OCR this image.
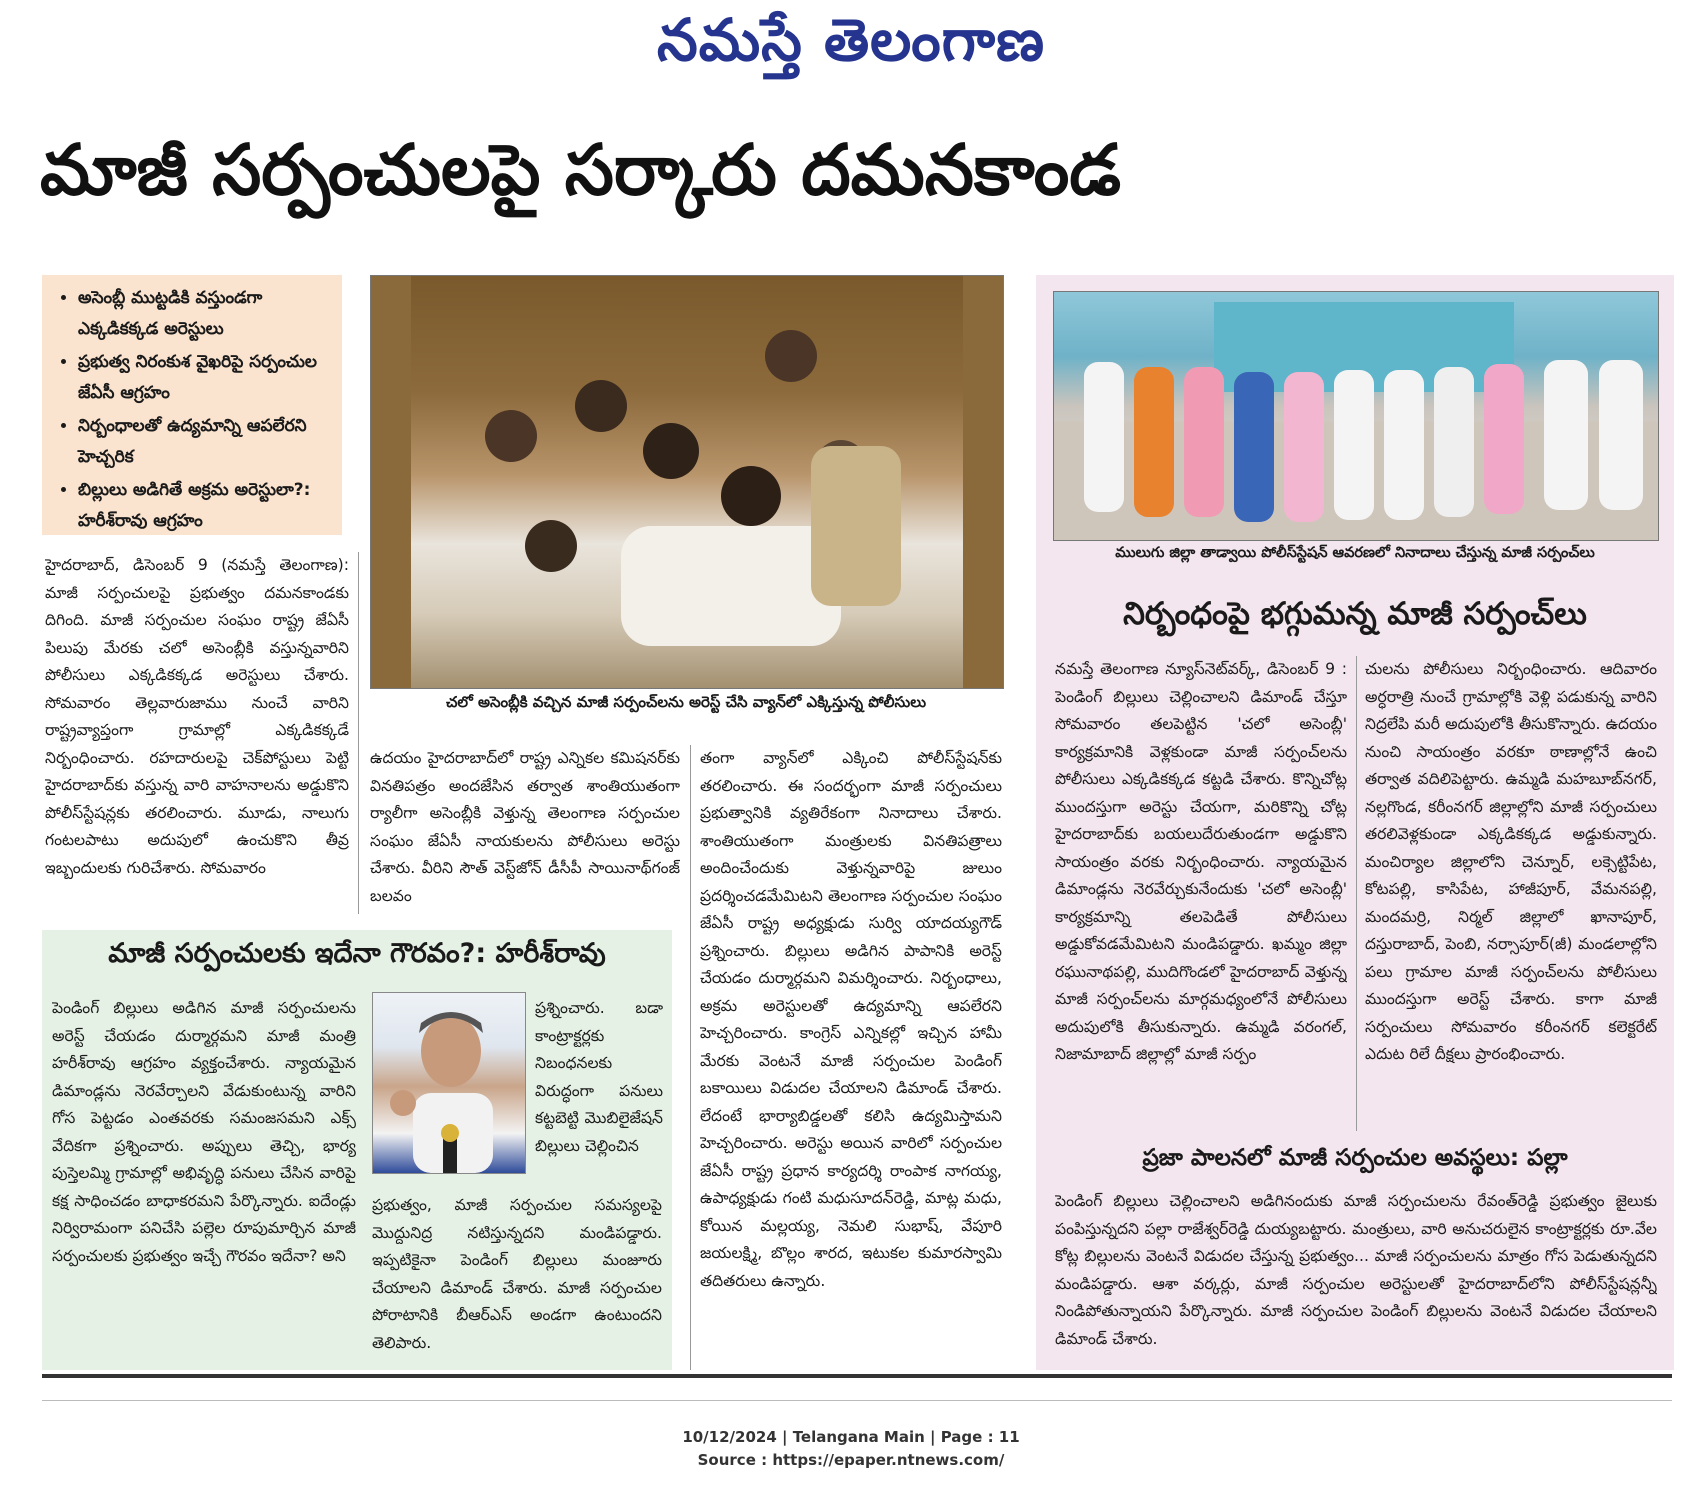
నమస్తే తెలంగాణ
మాజీ సర్పంచులపై సర్కారు దమనకాండ
• అసెంబ్లీ ముట్టడికి వస్తుండగా ఎక్కడికక్కడ అరెస్టులు
• ప్రభుత్వ నిరంకుశ వైఖరిపై సర్పంచుల జేఏసీ ఆగ్రహం
• నిర్బంధాలతో ఉద్యమాన్ని ఆపలేరని హెచ్చరిక
• బిల్లులు అడిగితే అక్రమ అరెస్టులా?: హరీశ్‌రావు ఆగ్రహం
చలో అసెంబ్లీకి వచ్చిన మాజీ సర్పంచ్‌లను అరెస్ట్ చేసి వ్యాన్‌లో ఎక్కిస్తున్న పోలీసులు
హైదరాబాద్, డిసెంబర్ 9 (నమస్తే తెలంగాణ): మాజీ సర్పంచులపై ప్రభుత్వం దమనకాండకు దిగింది. మాజీ సర్పంచుల సంఘం రాష్ట్ర జేఏసీ పిలుపు మేరకు చలో అసెంబ్లీకి వస్తున్నవారిని పోలీసులు ఎక్కడికక్కడ అరెస్టులు చేశారు. సోమవారం తెల్లవారుజాము నుంచే వారిని రాష్ట్రవ్యాప్తంగా గ్రామాల్లో ఎక్కడికక్కడే నిర్బంధించారు. రహదారులపై చెక్‌పోస్టులు పెట్టి హైదరాబాద్‌కు వస్తున్న వారి వాహనాలను అడ్డుకొని పోలీస్‌స్టేషన్లకు తరలించారు. మూడు, నాలుగు గంటలపాటు అదుపులో ఉంచుకొని తీవ్ర ఇబ్బందులకు గురిచేశారు. సోమవారం
ఉదయం హైదరాబాద్‌లో రాష్ట్ర ఎన్నికల కమిషనర్‌కు వినతిపత్రం అందజేసిన తర్వాత శాంతియుతంగా ర్యాలీగా అసెంబ్లీకి వెళ్తున్న తెలంగాణ సర్పంచుల సంఘం జేఏసీ నాయకులను పోలీసులు అరెస్టు చేశారు. వీరిని సౌత్ వెస్ట్‌జోన్ డీసీపీ సాయినాథ్‌గంజ్ బలవం
తంగా వ్యాన్‌లో ఎక్కించి పోలీస్‌స్టేషన్‌కు తరలించారు. ఈ సందర్భంగా మాజీ సర్పంచులు ప్రభుత్వానికి వ్యతిరేకంగా నినాదాలు చేశారు. శాంతియుతంగా మంత్రులకు వినతిపత్రాలు అందించేందుకు వెళ్తున్నవారిపై జులుం ప్రదర్శించడమేమిటని తెలంగాణ సర్పంచుల సంఘం జేఏసీ రాష్ట్ర అధ్యక్షుడు సుర్వి యాదయ్యగౌడ్ ప్రశ్నించారు. బిల్లులు అడిగిన పాపానికి అరెస్ట్ చేయడం దుర్మార్గమని విమర్శించారు. నిర్బంధాలు, అక్రమ అరెస్టులతో ఉద్యమాన్ని ఆపలేరని హెచ్చరించారు. కాంగ్రెస్ ఎన్నికల్లో ఇచ్చిన హామీ మేరకు వెంటనే మాజీ సర్పంచుల పెండింగ్ బకాయిలు విడుదల చేయాలని డిమాండ్ చేశారు. లేదంటే భార్యాబిడ్డలతో కలిసి ఉద్యమిస్తామని హెచ్చరించారు. అరెస్టు అయిన వారిలో సర్పంచుల జేఏసీ రాష్ట్ర ప్రధాన కార్యదర్శి రాంపాక నాగయ్య, ఉపాధ్యక్షుడు గంటి మధుసూదన్‌రెడ్డి, మాట్ల మధు, కోయిన మల్లయ్య, నెమలి సుభాష్, వేపూరి జయలక్ష్మి, బొల్లం శారద, ఇటుకల కుమారస్వామి తదితరులు ఉన్నారు.
మాజీ సర్పంచులకు ఇదేనా గౌరవం?: హరీశ్‌రావు
పెండింగ్ బిల్లులు అడిగిన మాజీ సర్పంచులను అరెస్ట్ చేయడం దుర్మార్గమని మాజీ మంత్రి హరీశ్‌రావు ఆగ్రహం వ్యక్తంచేశారు. న్యాయమైన డిమాండ్లను నెరవేర్చాలని వేడుకుంటున్న వారిని గోస పెట్టడం ఎంతవరకు సమంజసమని ఎక్స్ వేదికగా ప్రశ్నించారు. అప్పులు తెచ్చి, భార్య పుస్తెలమ్మి గ్రామాల్లో అభివృద్ధి పనులు చేసిన వారిపై కక్ష సాధించడం బాధాకరమని పేర్కొన్నారు. ఐదేండ్లు నిర్విరామంగా పనిచేసి పల్లెల రూపుమార్చిన మాజీ సర్పంచులకు ప్రభుత్వం ఇచ్చే గౌరవం ఇదేనా? అని
ప్రశ్నించారు. బడా కాంట్రాక్టర్లకు నిబంధనలకు విరుద్ధంగా పనులు కట్టబెట్టి మొబిలైజేషన్ బిల్లులు చెల్లించిన
ప్రభుత్వం, మాజీ సర్పంచుల సమస్యలపై మొద్దునిద్ర నటిస్తున్నదని మండిపడ్డారు. ఇప్పటికైనా పెండింగ్ బిల్లులు మంజూరు చేయాలని డిమాండ్ చేశారు. మాజీ సర్పంచుల పోరాటానికి బీఆర్‌ఎస్ అండగా ఉంటుందని తెలిపారు.
ములుగు జిల్లా తాడ్వాయి పోలీస్‌స్టేషన్ ఆవరణలో నినాదాలు చేస్తున్న మాజీ సర్పంచ్‌లు
నిర్బంధంపై భగ్గుమన్న మాజీ సర్పంచ్‌లు
నమస్తే తెలంగాణ న్యూస్‌నెట్‌వర్క్, డిసెంబర్ 9 : పెండింగ్ బిల్లులు చెల్లించాలని డిమాండ్ చేస్తూ సోమవారం తలపెట్టిన 'చలో అసెంబ్లీ' కార్యక్రమానికి వెళ్లకుండా మాజీ సర్పంచ్‌లను పోలీసులు ఎక్కడికక్కడ కట్టడి చేశారు. కొన్నిచోట్ల ముందస్తుగా అరెస్టు చేయగా, మరికొన్ని చోట్ల హైదరాబాద్‌కు బయలుదేరుతుండగా అడ్డుకొని సాయంత్రం వరకు నిర్బంధించారు. న్యాయమైన డిమాండ్లను నెరవేర్చుకునేందుకు 'చలో అసెంబ్లీ' కార్యక్రమాన్ని తలపెడితే పోలీసులు అడ్డుకోవడమేమిటని మండిపడ్డారు. ఖమ్మం జిల్లా రఘునాథపల్లి, ముదిగొండలో హైదరాబాద్ వెళ్తున్న మాజీ సర్పంచ్‌లను మార్గమధ్యంలోనే పోలీసులు అదుపులోకి తీసుకున్నారు. ఉమ్మడి వరంగల్, నిజామాబాద్ జిల్లాల్లో మాజీ సర్పం
చులను పోలీసులు నిర్బంధించారు. ఆదివారం అర్ధరాత్రి నుంచే గ్రామాల్లోకి వెళ్లి పడుకున్న వారిని నిద్రలేపి మరీ అదుపులోకి తీసుకొన్నారు. ఉదయం నుంచి సాయంత్రం వరకూ ఠాణాల్లోనే ఉంచి తర్వాత వదిలిపెట్టారు. ఉమ్మడి మహబూబ్‌నగర్, నల్లగొండ, కరీంనగర్ జిల్లాల్లోని మాజీ సర్పంచులు తరలివెళ్లకుండా ఎక్కడికక్కడ అడ్డుకున్నారు. మంచిర్యాల జిల్లాలోని చెన్నూర్, లక్సెట్టిపేట, కోటపల్లి, కాసిపేట, హాజీపూర్, వేమనపల్లి, మందమర్రి, నిర్మల్ జిల్లాలో ఖానాపూర్, దస్తురాబాద్, పెంబి, నర్సాపూర్(జీ) మండలాల్లోని పలు గ్రామాల మాజీ సర్పంచ్‌లను పోలీసులు ముందస్తుగా అరెస్ట్ చేశారు. కాగా మాజీ సర్పంచులు సోమవారం కరీంనగర్ కలెక్టరేట్ ఎదుట రిలే దీక్షలు ప్రారంభించారు.
ప్రజా పాలనలో మాజీ సర్పంచుల అవస్థలు: పల్లా
పెండింగ్ బిల్లులు చెల్లించాలని అడిగినందుకు మాజీ సర్పంచులను రేవంత్‌రెడ్డి ప్రభుత్వం జైలుకు పంపిస్తున్నదని పల్లా రాజేశ్వర్‌రెడ్డి దుయ్యబట్టారు. మంత్రులు, వారి అనుచరులైన కాంట్రాక్టర్లకు రూ.వేల కోట్ల బిల్లులను వెంటనే విడుదల చేస్తున్న ప్రభుత్వం... మాజీ సర్పంచులను మాత్రం గోస పెడుతున్నదని మండిపడ్డారు. ఆశా వర్కర్లు, మాజీ సర్పంచుల అరెస్టులతో హైదరాబాద్‌లోని పోలీస్‌స్టేషన్లన్నీ నిండిపోతున్నాయని పేర్కొన్నారు. మాజీ సర్పంచుల పెండింగ్ బిల్లులను వెంటనే విడుదల చేయాలని డిమాండ్ చేశారు.
10/12/2024 | Telangana Main | Page : 11
Source : https://epaper.ntnews.com/
